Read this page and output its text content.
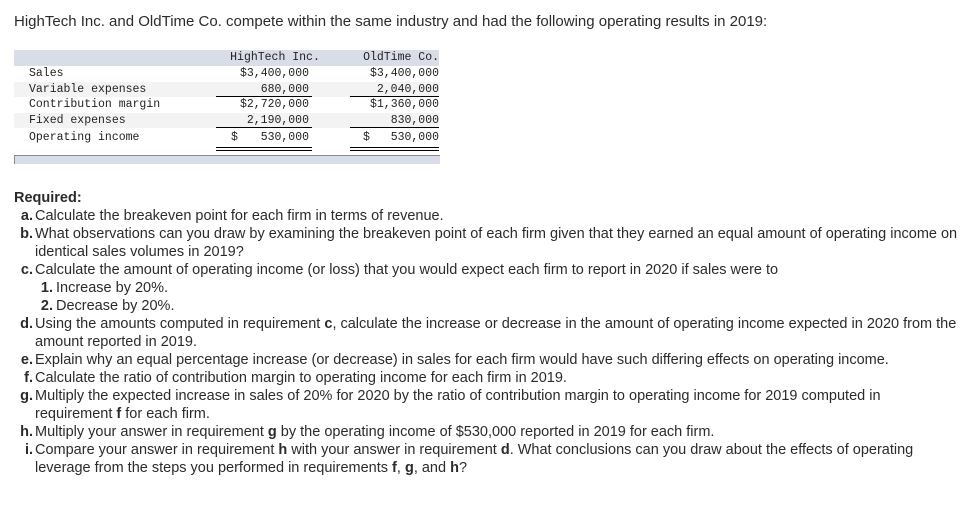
HighTech Inc. and OldTime Co. compete within the same industry and had the following operating results in 2019:
HighTech Inc.	OldTime Co.
Sales	$3,400,000	$3,400,000
Variable expenses	680,000	2,040,000
Contribution margin	$2,720,000	$1,360,000
Fixed expenses	2,190,000	830,000
Operating income	$	530,000	$	530,000
Required:
a. Calculate the breakeven point for each firm in terms of revenue.
b. What observations can you draw by examining the breakeven point of each firm given that they earned an equal amount of operating income on identical sales volumes in 2019?
c. Calculate the amount of operating income (or loss) that you would expect each firm to report in 2020 if sales were to
1. Increase by 20%.
2. Decrease by 20%.
d. Using the amounts computed in requirement c, calculate the increase or decrease in the amount of operating income expected in 2020 from the amount reported in 2019.
e. Explain why an equal percentage increase (or decrease) in sales for each firm would have such differing effects on operating income.
f. Calculate the ratio of contribution margin to operating income for each firm in 2019.
g. Multiply the expected increase in sales of 20% for 2020 by the ratio of contribution margin to operating income for 2019 computed in requirement f for each firm.
h. Multiply your answer in requirement g by the operating income of $530,000 reported in 2019 for each firm.
i. Compare your answer in requirement h with your answer in requirement d. What conclusions can you draw about the effects of operating leverage from the steps you performed in requirements f, g, and h?
